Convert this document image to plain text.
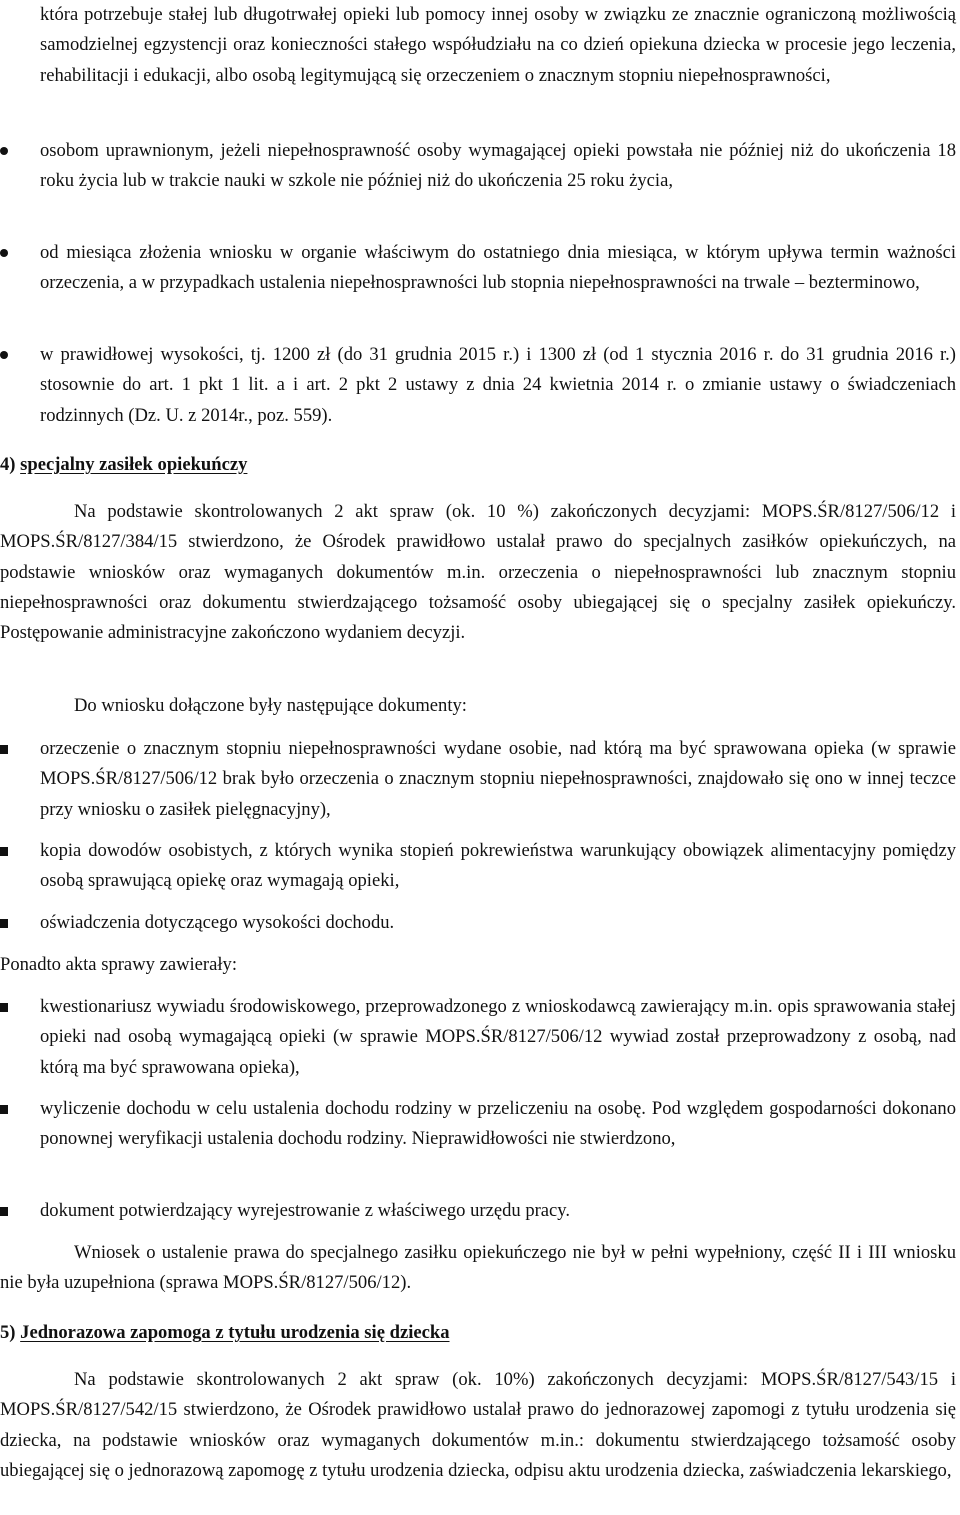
która potrzebuje stałej lub długotrwałej opieki lub pomocy innej osoby w związku ze znacznie ograniczoną możliwością samodzielnej egzystencji oraz konieczności stałego współudziału na co dzień opiekuna dziecka w procesie jego leczenia, rehabilitacji i edukacji, albo osobą legitymującą się orzeczeniem o znacznym stopniu niepełnosprawności,

osobom uprawnionym, jeżeli niepełnosprawność osoby wymagającej opieki powstała nie później niż do ukończenia 18 roku życia lub w trakcie nauki w szkole nie później niż do ukończenia 25 roku życia,

od miesiąca złożenia wniosku w organie właściwym do ostatniego dnia miesiąca, w którym upływa termin ważności orzeczenia, a w przypadkach ustalenia niepełnosprawności lub stopnia niepełnosprawności na trwale – bezterminowo,

w prawidłowej wysokości, tj. 1200 zł (do 31 grudnia 2015 r.) i 1300 zł (od 1 stycznia 2016 r. do 31 grudnia 2016 r.) stosownie do art. 1 pkt 1 lit. a i art. 2 pkt 2 ustawy z dnia 24 kwietnia 2014 r. o zmianie ustawy o świadczeniach rodzinnych (Dz. U. z 2014r., poz. 559).

4) specjalny zasiłek opiekuńczy

Na podstawie skontrolowanych 2 akt spraw (ok. 10 %) zakończonych decyzjami: MOPS.ŚR/8127/506/12 i MOPS.ŚR/8127/384/15 stwierdzono, że Ośrodek prawidłowo ustalał prawo do specjalnych zasiłków opiekuńczych, na podstawie wniosków oraz wymaganych dokumentów m.in. orzeczenia o niepełnosprawności lub znacznym stopniu niepełnosprawności oraz dokumentu stwierdzającego tożsamość osoby ubiegającej się o specjalny zasiłek opiekuńczy. Postępowanie administracyjne zakończono wydaniem decyzji.

Do wniosku dołączone były następujące dokumenty:

orzeczenie o znacznym stopniu niepełnosprawności wydane osobie, nad którą ma być sprawowana opieka (w sprawie MOPS.ŚR/8127/506/12 brak było orzeczenia o znacznym stopniu niepełnosprawności, znajdowało się ono w innej teczce przy wniosku o zasiłek pielęgnacyjny),

kopia dowodów osobistych, z których wynika stopień pokrewieństwa warunkujący obowiązek alimentacyjny pomiędzy osobą sprawującą opiekę oraz wymagają opieki,

oświadczenia dotyczącego wysokości dochodu.

Ponadto akta sprawy zawierały:

kwestionariusz wywiadu środowiskowego, przeprowadzonego z wnioskodawcą zawierający m.in. opis sprawowania stałej opieki nad osobą wymagającą opieki (w sprawie MOPS.ŚR/8127/506/12 wywiad został przeprowadzony z osobą, nad którą ma być sprawowana opieka),

wyliczenie dochodu w celu ustalenia dochodu rodziny w przeliczeniu na osobę. Pod względem gospodarności dokonano ponownej weryfikacji ustalenia dochodu rodziny. Nieprawidłowości nie stwierdzono,

dokument potwierdzający wyrejestrowanie z właściwego urzędu pracy.

Wniosek o ustalenie prawa do specjalnego zasiłku opiekuńczego nie był w pełni wypełniony, część II i III wniosku nie była uzupełniona (sprawa MOPS.ŚR/8127/506/12).

5) Jednorazowa zapomoga z tytułu urodzenia się dziecka

Na podstawie skontrolowanych 2 akt spraw (ok. 10%) zakończonych decyzjami: MOPS.ŚR/8127/543/15 i MOPS.ŚR/8127/542/15 stwierdzono, że Ośrodek prawidłowo ustalał prawo do jednorazowej zapomogi z tytułu urodzenia się dziecka, na podstawie wniosków oraz wymaganych dokumentów m.in.: dokumentu stwierdzającego tożsamość osoby ubiegającej się o jednorazową zapomogę z tytułu urodzenia dziecka, odpisu aktu urodzenia dziecka, zaświadczenia lekarskiego,
